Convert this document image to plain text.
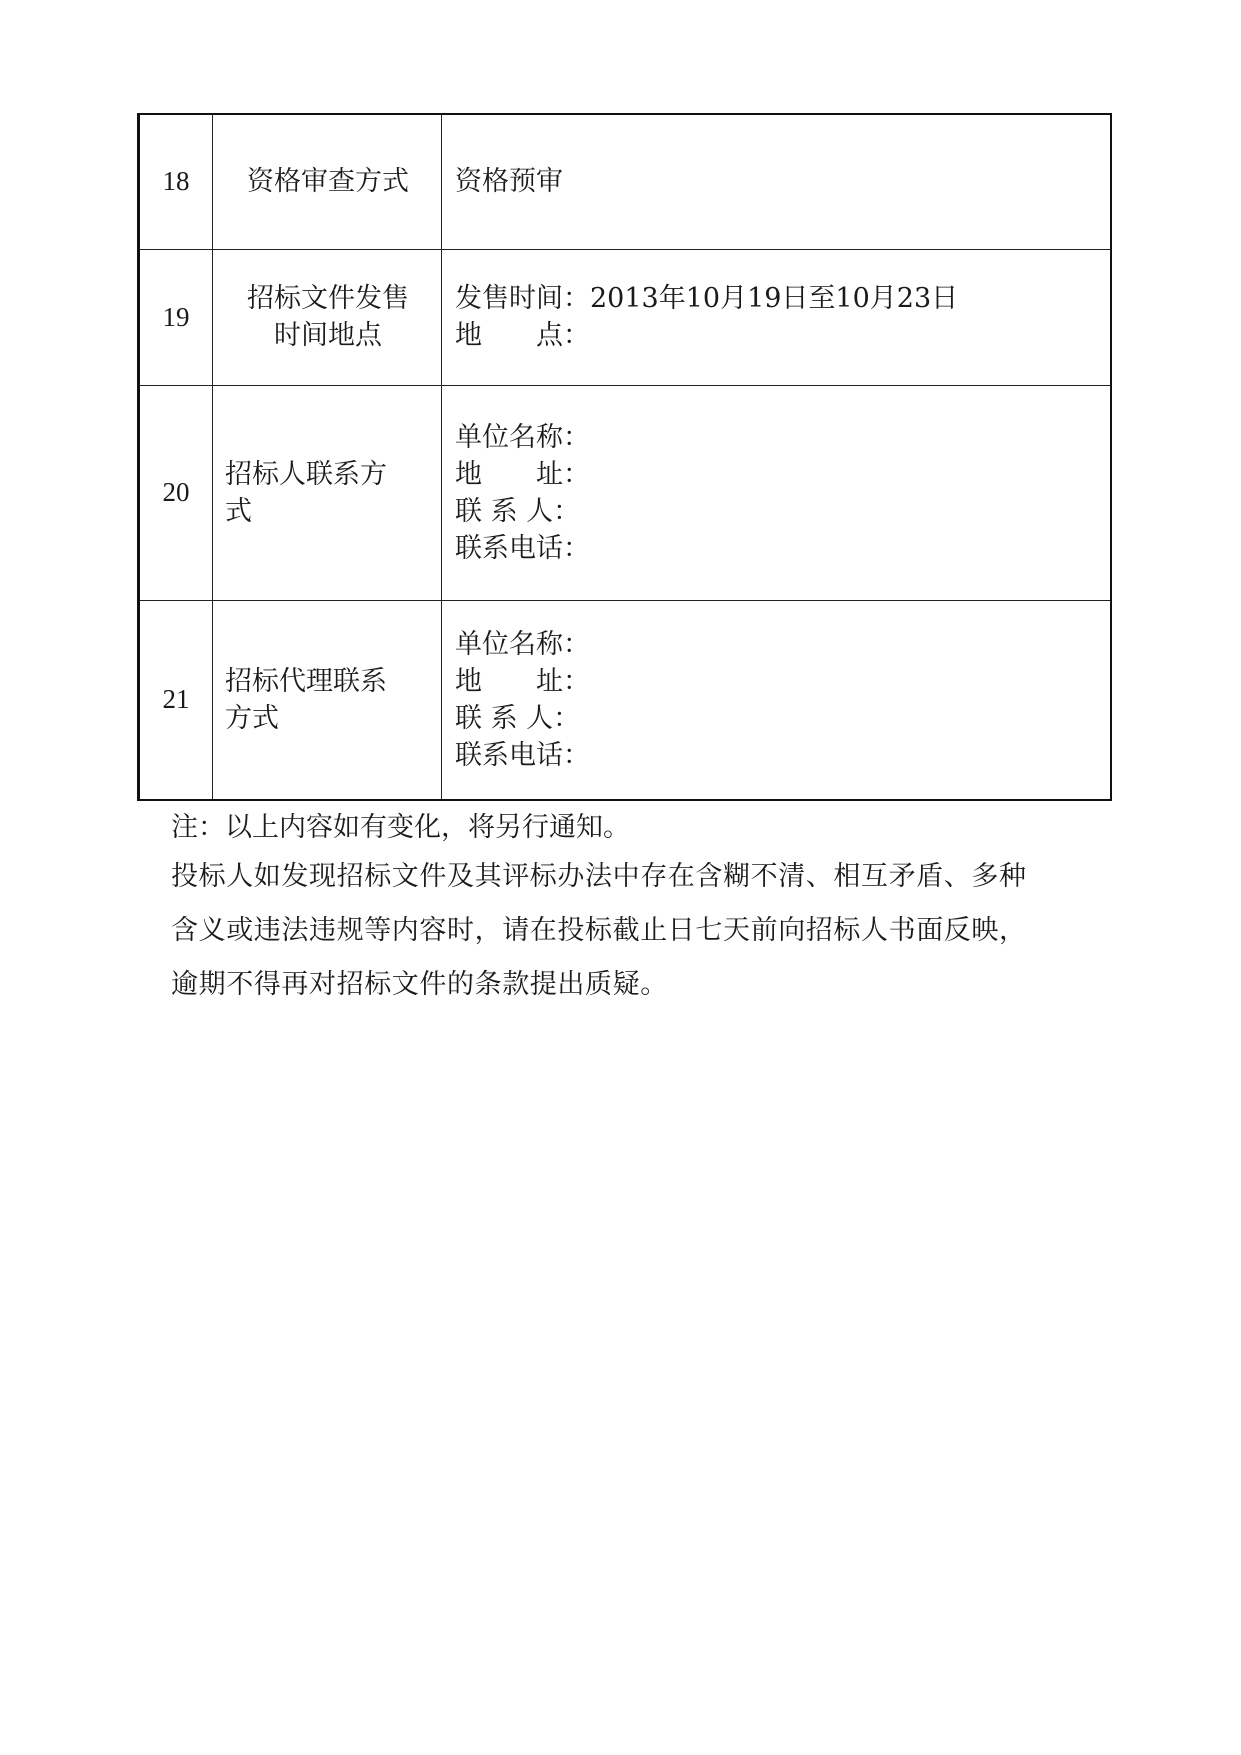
18	资格审查方式	资格预审

19	招标文件发售
时间地点	发售时间：2013年10月19日至10月23日
地　　点：

20	招标人联系方
式	单位名称：
地　　址：
联 系 人：
联系电话：

21	招标代理联系
方式	单位名称：
地　　址：
联 系 人：
联系电话：
注：以上内容如有变化，将另行通知。
投标人如发现招标文件及其评标办法中存在含糊不清、相互矛盾、多种
含义或违法违规等内容时，请在投标截止日七天前向招标人书面反映，
逾期不得再对招标文件的条款提出质疑。
